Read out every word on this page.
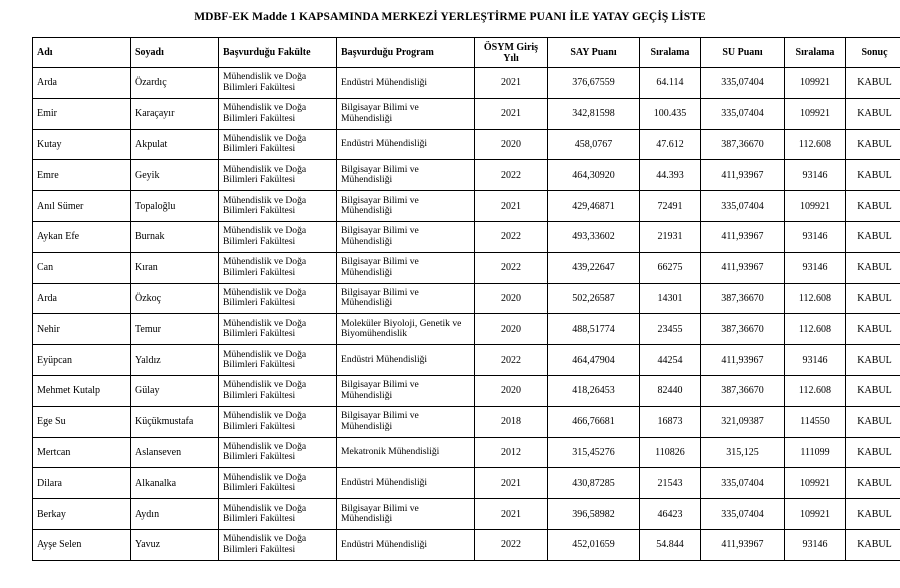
MDBF-EK Madde 1 KAPSAMINDA MERKEZİ YERLEŞTİRME PUANI İLE YATAY GEÇİŞ LİSTE
Adı	Soyadı	Başvurduğu Fakülte	Başvurduğu Program	ÖSYM Giriş Yılı	SAY Puanı	Sıralama	SU Puanı	Sıralama	Sonuç
Arda	Özardıç	Mühendislik ve Doğa Bilimleri Fakültesi	Endüstri Mühendisliği	2021	376,67559	64.114	335,07404	109921	KABUL
Emir	Karaçayır	Mühendislik ve Doğa Bilimleri Fakültesi	Bilgisayar Bilimi ve Mühendisliği	2021	342,81598	100.435	335,07404	109921	KABUL
Kutay	Akpulat	Mühendislik ve Doğa Bilimleri Fakültesi	Endüstri Mühendisliği	2020	458,0767	47.612	387,36670	112.608	KABUL
Emre	Geyik	Mühendislik ve Doğa Bilimleri Fakültesi	Bilgisayar Bilimi ve Mühendisliği	2022	464,30920	44.393	411,93967	93146	KABUL
Anıl Sümer	Topaloğlu	Mühendislik ve Doğa Bilimleri Fakültesi	Bilgisayar Bilimi ve Mühendisliği	2021	429,46871	72491	335,07404	109921	KABUL
Aykan Efe	Burnak	Mühendislik ve Doğa Bilimleri Fakültesi	Bilgisayar Bilimi ve Mühendisliği	2022	493,33602	21931	411,93967	93146	KABUL
Can	Kıran	Mühendislik ve Doğa Bilimleri Fakültesi	Bilgisayar Bilimi ve Mühendisliği	2022	439,22647	66275	411,93967	93146	KABUL
Arda	Özkoç	Mühendislik ve Doğa Bilimleri Fakültesi	Bilgisayar Bilimi ve Mühendisliği	2020	502,26587	14301	387,36670	112.608	KABUL
Nehir	Temur	Mühendislik ve Doğa Bilimleri Fakültesi	Moleküler Biyoloji, Genetik ve Biyomühendislik	2020	488,51774	23455	387,36670	112.608	KABUL
Eyüpcan	Yaldız	Mühendislik ve Doğa Bilimleri Fakültesi	Endüstri Mühendisliği	2022	464,47904	44254	411,93967	93146	KABUL
Mehmet Kutalp	Gülay	Mühendislik ve Doğa Bilimleri Fakültesi	Bilgisayar Bilimi ve Mühendisliği	2020	418,26453	82440	387,36670	112.608	KABUL
Ege Su	Küçükmustafa	Mühendislik ve Doğa Bilimleri Fakültesi	Bilgisayar Bilimi ve Mühendisliği	2018	466,76681	16873	321,09387	114550	KABUL
Mertcan	Aslanseven	Mühendislik ve Doğa Bilimleri Fakültesi	Mekatronik Mühendisliği	2012	315,45276	110826	315,125	111099	KABUL
Dilara	Alkanalka	Mühendislik ve Doğa Bilimleri Fakültesi	Endüstri Mühendisliği	2021	430,87285	21543	335,07404	109921	KABUL
Berkay	Aydın	Mühendislik ve Doğa Bilimleri Fakültesi	Bilgisayar Bilimi ve Mühendisliği	2021	396,58982	46423	335,07404	109921	KABUL
Ayşe Selen	Yavuz	Mühendislik ve Doğa Bilimleri Fakültesi	Endüstri Mühendisliği	2022	452,01659	54.844	411,93967	93146	KABUL
